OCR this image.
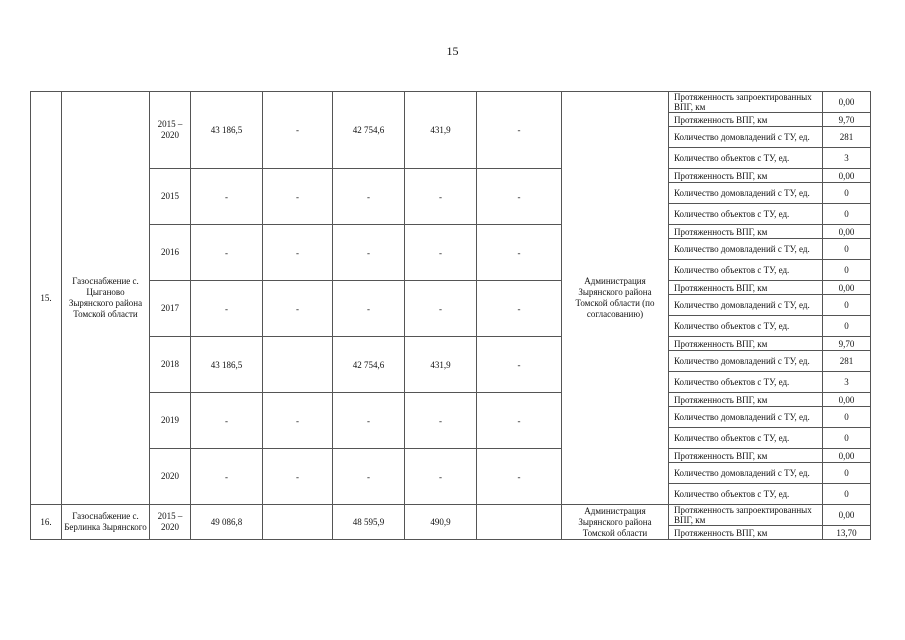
15
15.	Газоснабжение с. Цыганово Зырянского района Томской области	2015 – 2020	43 186,5	-	42 754,6	431,9	-	Администрация Зырянского района Томской области (по согласованию)	Протяженность запроектированных ВПГ, км	0,00
									Протяженность ВПГ, км	9,70
									Количество домовладений с ТУ, ед.	281
									Количество объектов с ТУ, ед.	3
		2015	-	-	-	-	-		Протяженность ВПГ, км	0,00
									Количество домовладений с ТУ, ед.	0
									Количество объектов с ТУ, ед.	0
		2016	-	-	-	-	-		Протяженность ВПГ, км	0,00
									Количество домовладений с ТУ, ед.	0
									Количество объектов с ТУ, ед.	0
		2017	-	-	-	-	-		Протяженность ВПГ, км	0,00
									Количество домовладений с ТУ, ед.	0
									Количество объектов с ТУ, ед.	0
		2018	43 186,5		42 754,6	431,9	-		Протяженность ВПГ, км	9,70
									Количество домовладений с ТУ, ед.	281
									Количество объектов с ТУ, ед.	3
		2019	-	-	-	-	-		Протяженность ВПГ, км	0,00
									Количество домовладений с ТУ, ед.	0
									Количество объектов с ТУ, ед.	0
		2020	-	-	-	-	-		Протяженность ВПГ, км	0,00
									Количество домовладений с ТУ, ед.	0
									Количество объектов с ТУ, ед.	0
16.	Газоснабжение с. Берлинка Зырянского	2015 – 2020	49 086,8		48 595,9	490,9		Администрация Зырянского района Томской области	Протяженность запроектированных ВПГ, км	0,00
									Протяженность ВПГ, км	13,70
